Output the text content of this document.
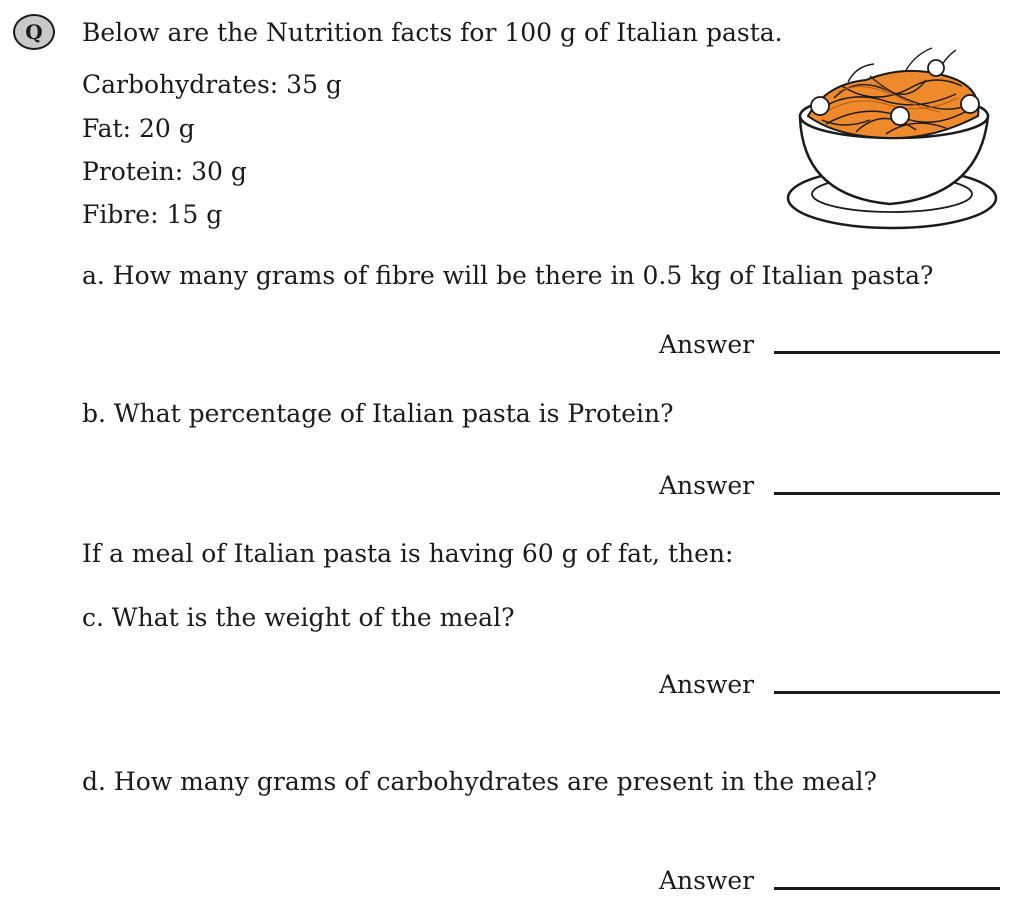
Q	Below are the Nutrition facts for 100 g of Italian pasta.
Carbohydrates: 35 g
Fat: 20 g
Protein: 30 g
Fibre: 15 g
a. How many grams of fibre will be there in 0.5 kg of Italian pasta?
Answer
b. What percentage of Italian pasta is Protein?
Answer
If a meal of Italian pasta is having 60 g of fat, then:
c. What is the weight of the meal?
Answer
d. How many grams of carbohydrates are present in the meal?
Answer
